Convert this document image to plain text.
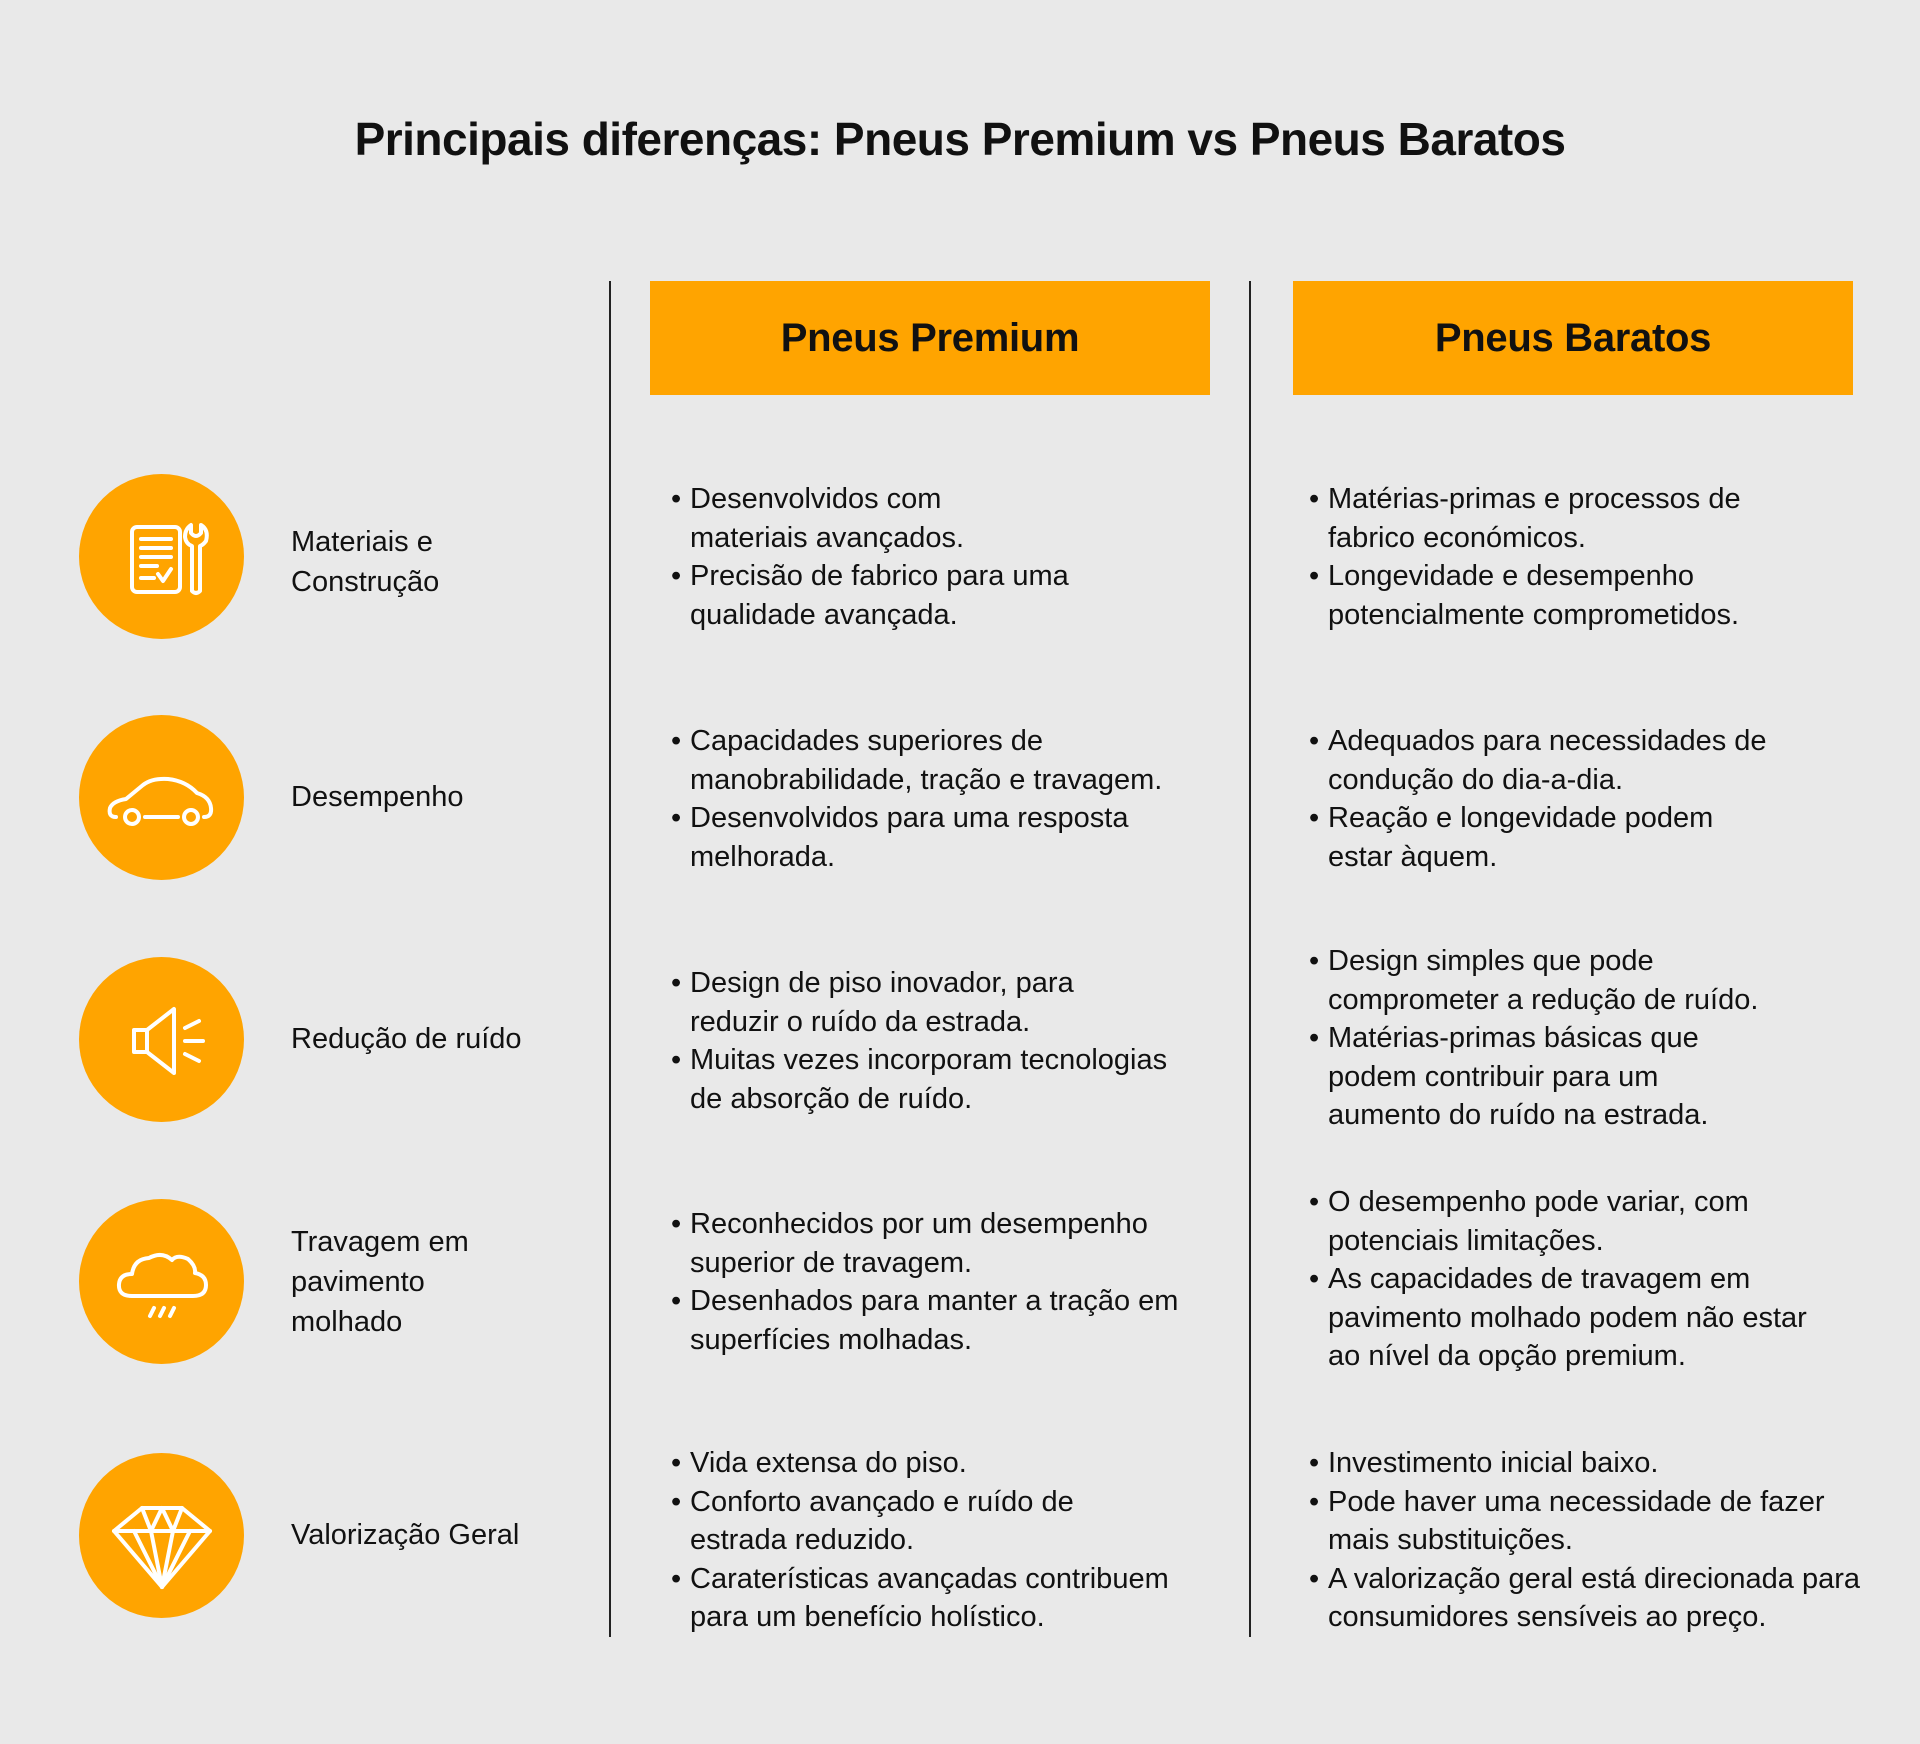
Principais diferenças: Pneus Premium vs Pneus Baratos
Pneus Premium	Pneus Baratos
Materiais e Construção
• Desenvolvidos com materiais avançados.
• Precisão de fabrico para uma qualidade avançada.
• Matérias-primas e processos de fabrico económicos.
• Longevidade e desempenho potencialmente comprometidos.
Desempenho
• Capacidades superiores de manobrabilidade, tração e travagem.
• Desenvolvidos para uma resposta melhorada.
• Adequados para necessidades de condução do dia-a-dia.
• Reação e longevidade podem estar àquem.
Redução de ruído
• Design de piso inovador, para reduzir o ruído da estrada.
• Muitas vezes incorporam tecnologias de absorção de ruído.
• Design simples que pode comprometer a redução de ruído.
• Matérias-primas básicas que podem contribuir para um aumento do ruído na estrada.
Travagem em pavimento molhado
• Reconhecidos por um desempenho superior de travagem.
• Desenhados para manter a tração em superfícies molhadas.
• O desempenho pode variar, com potenciais limitações.
• As capacidades de travagem em pavimento molhado podem não estar ao nível da opção premium.
Valorização Geral
• Vida extensa do piso.
• Conforto avançado e ruído de estrada reduzido.
• Caraterísticas avançadas contribuem para um benefício holístico.
• Investimento inicial baixo.
• Pode haver uma necessidade de fazer mais substituições.
• A valorização geral está direcionada para consumidores sensíveis ao preço.
